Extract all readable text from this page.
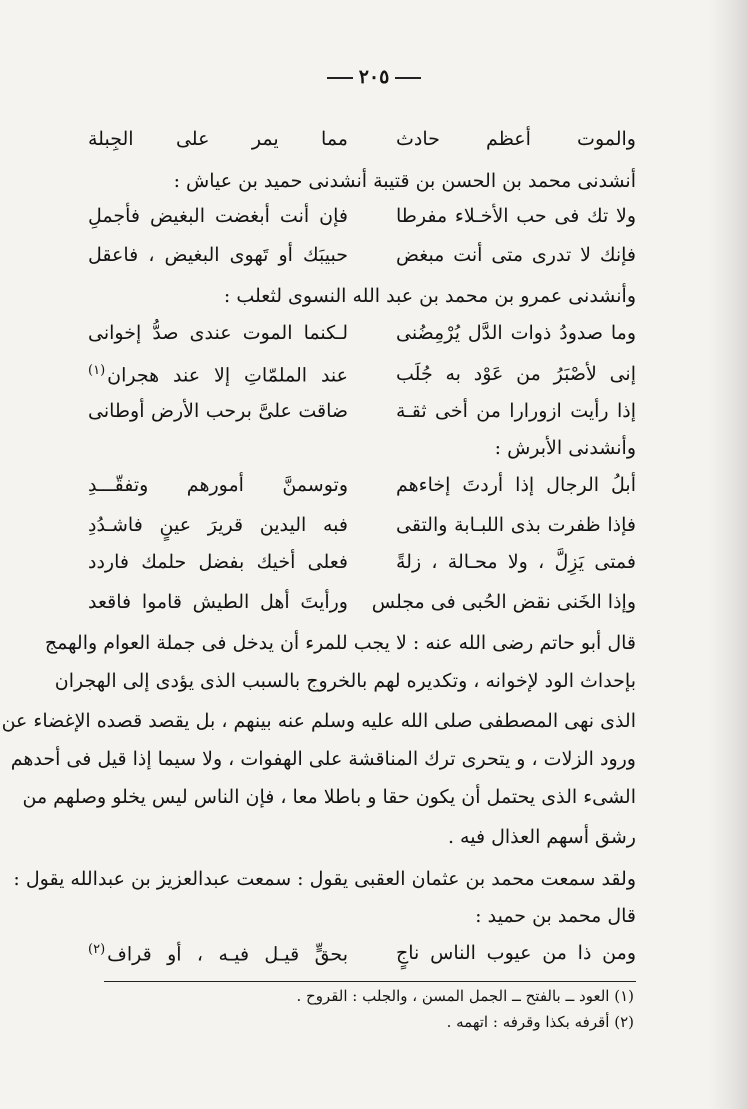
٢٠٥
والموت أعظم حادث
مما يمر على الجِبلة
أنشدنى محمد بن الحسن بن قتيبة أنشدنى حميد بن عياش :
ولا تك فى حب الأخـلاء مفرطا
فإن أنت أبغضت البغيض فأجملِ
فإنك لا تدرى متى أنت مبغض
حبيبَك أو تَهوى البغيض ، فاعقل
وأنشدنى عمرو بن محمد بن عبد الله النسوى لثعلب :
وما صدودُ ذوات الدَّل يُرْمِضُنى
لـكنما الموت عندى صدُّ إخوانى
إنى لأصْبَرُ من عَوْد به جُلَب
عند الملمّاتِ إلا عند هجران$^{(١)}$
إذا رأيت ازورارا من أخى ثقـة
ضاقت علىَّ برحب الأرض أوطانى
وأنشدنى الأبرش :
أبلُ الرجال إذا أردتَ إخاءهم
وتوسمنَّ أمورهم وتفقّـــدِ
فإذا ظفرت بذى اللبـابة والتقى
فبه اليدين قريرَ عينٍ فاشـدُدِ
فمتى يَزِلَّ ، ولا محـالة ، زلةً
فعلى أخيك بفضل حلمك فاردد
وإذا الخَنى نقض الحُبى فى مجلس
ورأيتَ أهل الطيش قاموا فاقعد
قال أبو حاتم رضى الله عنه : لا يجب للمرء أن يدخل فى جملة العوام والهمج
بإحداث الود لإخوانه ، وتكديره لهم بالخروج بالسبب الذى يؤدى إلى الهجران
الذى نهى المصطفى صلى الله عليه وسلم عنه بينهم ، بل يقصد قصده الإغضاء عن
ورود الزلات ، و يتحرى ترك المناقشة على الهفوات ، ولا سيما إذا قيل فى أحدهم
الشىء الذى يحتمل أن يكون حقا و باطلا معا ، فإن الناس ليس يخلو وصلهم من
رشق أسهم العذال فيه .
ولقد سمعت محمد بن عثمان العقبى يقول : سمعت عبدالعزيز بن عبدالله يقول :
قال محمد بن حميد :
ومن ذا من عيوب الناس ناجٍ
بحقٍّ قيـل فيـه ، أو قراف$^{(٢)}$
(١) العود ــ بالفتح ــ الجمل المسن ، والجلب : القروح .
(٢) أقرفه بكذا وقرفه : اتهمه .
